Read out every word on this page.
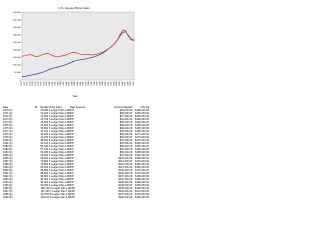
U.S. House Price Index
0
50,000
100,000
150,000
200,000
250,000
300,000
350,000
400,000
450,000
1970 1971 1972 1973 1974 1975 1976 1977 1978 1979 1980 1981 1982 1983 1984 1985 1986 1987 1988 1989 1990 1991 1992 1993 1994 1995 1996 1997 1998 1999 2000 2001 2002 2003 2004 2005 2006 2007 2008 2009 2010
Year
Date	Mr	Median Price Index	Date Sourced		Nominal Median	CPI Adj
1970 Q1		20,000 0 Ledger Mar-1 AB/FP			$23,000.00	$158,000.00
1971 Q1		20,200 1 Ledger Mar-1 AB/FP			$25,000.00	$160,000.00
1972 Q1		21,800 2 Ledger Mar-1 AB/FP			$27,500.00	$166,000.00
1973 Q1		23,700 3 Ledger Mar-1 AB/FP			$31,000.00	$168,000.00
1974 Q1		25,900 4 Ledger Mar-1 AB/FP			$35,000.00	$162,000.00
1975 Q1		27,900 5 Ledger Mar-1 AB/FP			$39,000.00	$155,000.00
1976 Q1		30,800 6 Ledger Mar-1 AB/FP			$44,000.00	$158,000.00
1977 Q1		34,100 7 Ledger Mar-1 AB/FP			$49,000.00	$165,000.00
1978 Q1		38,200 8 Ledger Mar-1 AB/FP			$56,000.00	$172,000.00
1979 Q1		43,200 9 Ledger Mar-1 AB/FP			$64,000.00	$176,000.00
1980 Q1		48,500 0 Ledger Mar-1 AB/FP			$72,000.00	$170,000.00
1981 Q1		52,100 1 Ledger Mar-1 AB/FP			$78,000.00	$162,000.00
1982 Q1		54,400 2 Ledger Mar-1 AB/FP			$82,000.00	$155,000.00
1983 Q1		57,100 3 Ledger Mar-1 AB/FP			$87,000.00	$156,000.00
1984 Q1		60,200 4 Ledger Mar-1 AB/FP			$92,000.00	$158,000.00
1985 Q1		63,900 5 Ledger Mar-1 AB/FP			$97,000.00	$162,000.00
1986 Q1		68,200 6 Ledger Mar-1 AB/FP			$104,000.00	$168,000.00
1987 Q1		73,800 7 Ledger Mar-1 AB/FP			$112,000.00	$176,000.00
1988 Q1		79,500 8 Ledger Mar-1 AB/FP			$120,000.00	$182,000.00
1989 Q1		84,100 9 Ledger Mar-1 AB/FP			$127,000.00	$182,000.00
1990 Q1		86,900 0 Ledger Mar-1 AB/FP			$131,000.00	$176,000.00
1991 Q1		88,600 1 Ledger Mar-1 AB/FP			$134,000.00	$170,000.00
1992 Q1		90,800 2 Ledger Mar-1 AB/FP			$137,000.00	$168,000.00
1993 Q1		93,300 3 Ledger Mar-1 AB/FP			$141,000.00	$168,000.00
1994 Q1		96,300 4 Ledger Mar-1 AB/FP			$145,000.00	$168,000.00
1995 Q1		99,000 5 Ledger Mar-1 AB/FP			$149,000.00	$166,000.00
1996 Q1		102,700 6 Ledger Mar-1 AB/FP			$155,000.00	$168,000.00
1997 Q1		107,000 7 Ledger Mar-1 AB/FP			$162,000.00	$172,000.00
1998 Q1		112,600 8 Ledger Mar-1 AB/FP			$170,000.00	$178,000.00
1999 Q1		119,100 9 Ledger Mar-1 AB/FP			$180,000.00	$186,000.00
